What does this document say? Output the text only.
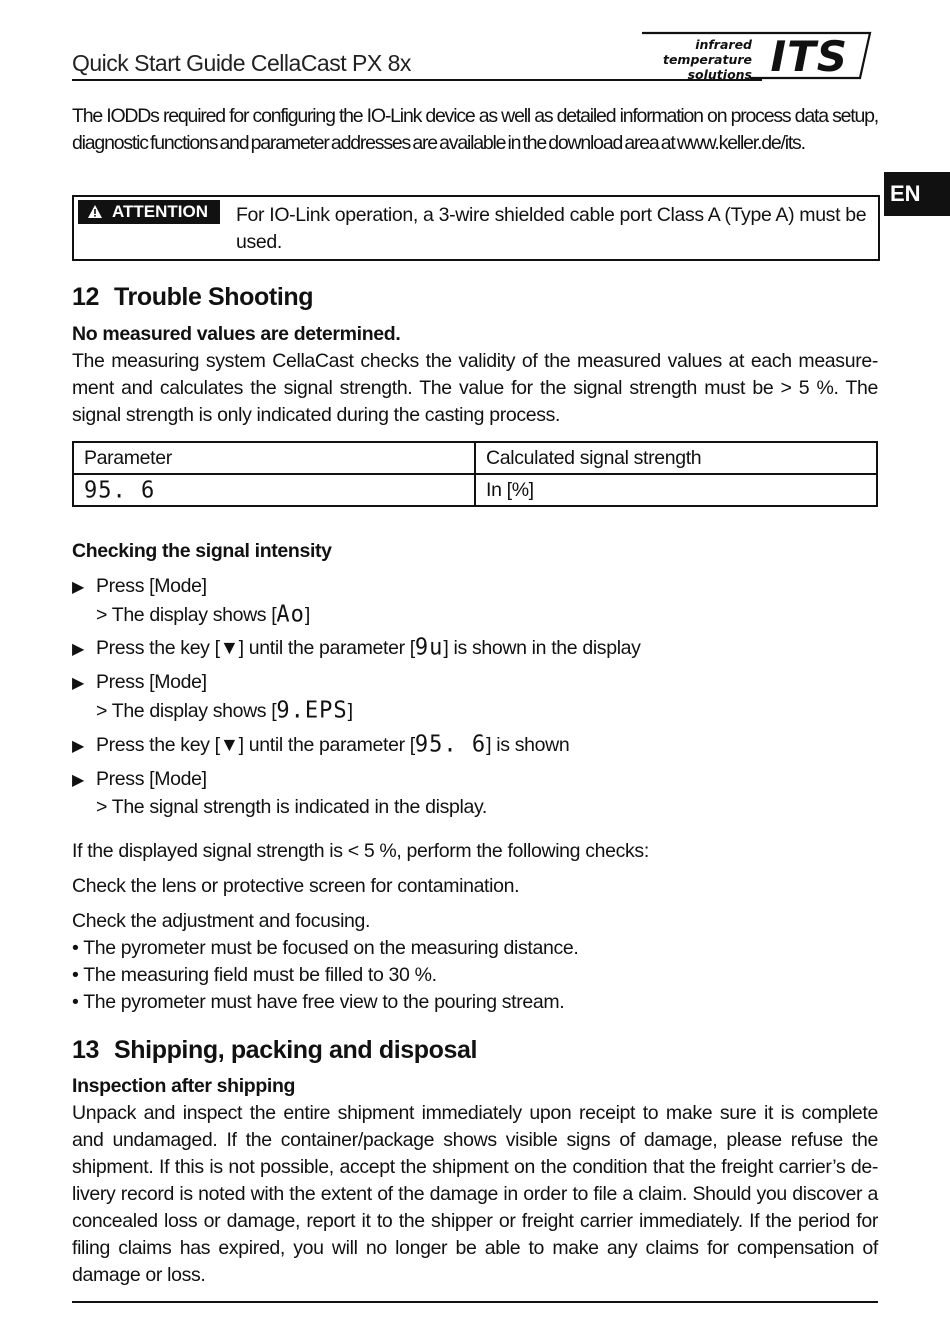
Quick Start Guide CellaCast PX 8x
infrared
temperature
solutions ITS
EN
The IODDs required for configuring the IO-Link device as well as detailed information on process data setup, diagnostic functions and parameter addresses are available in the download area at www.keller.de/its.
ATTENTION For IO-Link operation, a 3-wire shielded cable port Class A (Type A) must be used.
12 Trouble Shooting
No measured values are determined.
The measuring system CellaCast checks the validity of the measured values at each measure-ment and calculates the signal strength. The value for the signal strength must be > 5 %. The signal strength is only indicated during the casting process.
Parameter	Calculated signal strength
95. 6	In [%]
Checking the signal intensity
▶ Press [Mode]
> The display shows [Ao]
▶ Press the key [▼] until the parameter [9u] is shown in the display
▶ Press [Mode]
> The display shows [9.EPS]
▶ Press the key [▼] until the parameter [95. 6] is shown
▶ Press [Mode]
> The signal strength is indicated in the display.
If the displayed signal strength is < 5 %, perform the following checks:
Check the lens or protective screen for contamination.
Check the adjustment and focusing.
• The pyrometer must be focused on the measuring distance.
• The measuring field must be filled to 30 %.
• The pyrometer must have free view to the pouring stream.
13 Shipping, packing and disposal
Inspection after shipping
Unpack and inspect the entire shipment immediately upon receipt to make sure it is complete and undamaged. If the container/package shows visible signs of damage, please refuse the shipment. If this is not possible, accept the shipment on the condition that the freight carrier’s de-livery record is noted with the extent of the damage in order to file a claim. Should you discover a concealed loss or damage, report it to the shipper or freight carrier immediately. If the period for filing claims has expired, you will no longer be able to make any claims for compensation of damage or loss.
